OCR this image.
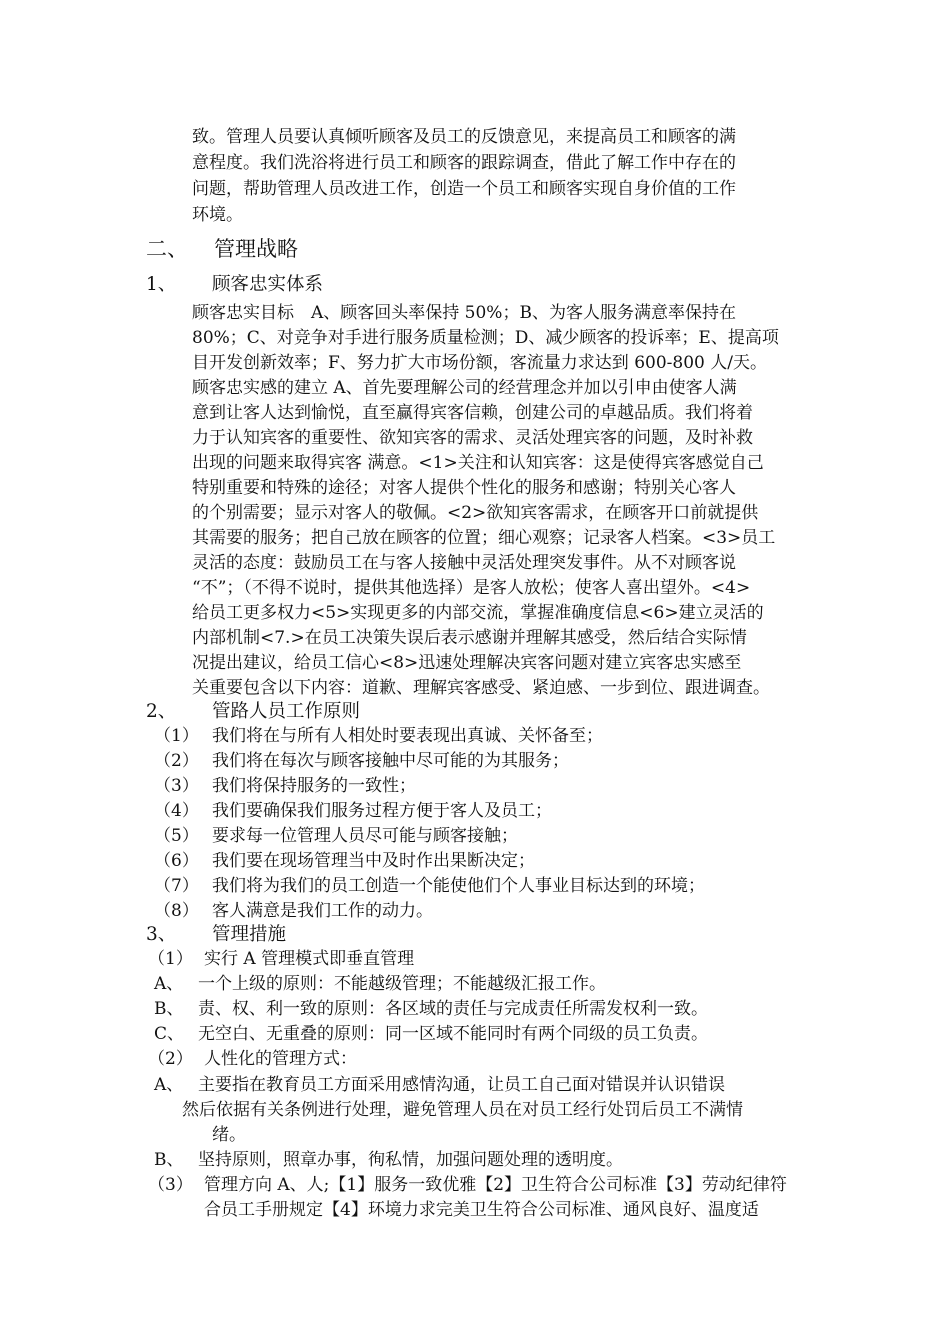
致。管理人员要认真倾听顾客及员工的反馈意见，来提高员工和顾客的满
意程度。我们洗浴将进行员工和顾客的跟踪调查，借此了解工作中存在的
问题，帮助管理人员改进工作，创造一个员工和顾客实现自身价值的工作
环境。
二、 管理战略
1、 顾客忠实体系
顾客忠实目标　A、顾客回头率保持 50%；B、为客人服务满意率保持在
80%；C、对竞争对手进行服务质量检测；D、减少顾客的投诉率；E、提高项
目开发创新效率；F、努力扩大市场份额，客流量力求达到 600-800 人/天。
顾客忠实感的建立 A、首先要理解公司的经营理念并加以引申由使客人满
意到让客人达到愉悦，直至赢得宾客信赖，创建公司的卓越品质。我们将着
力于认知宾客的重要性、欲知宾客的需求、灵活处理宾客的问题，及时补救
出现的问题来取得宾客 满意。<1>关注和认知宾客：这是使得宾客感觉自己
特别重要和特殊的途径；对客人提供个性化的服务和感谢；特别关心客人
的个别需要；显示对客人的敬佩。<2>欲知宾客需求，在顾客开口前就提供
其需要的服务；把自己放在顾客的位置；细心观察；记录客人档案。<3>员工
灵活的态度：鼓励员工在与客人接触中灵活处理突发事件。从不对顾客说
“不”；（不得不说时，提供其他选择）是客人放松；使客人喜出望外。<4>
给员工更多权力<5>实现更多的内部交流，掌握准确度信息<6>建立灵活的
内部机制<7.>在员工决策失误后表示感谢并理解其感受，然后结合实际情
况提出建议，给员工信心<8>迅速处理解决宾客问题对建立宾客忠实感至
关重要包含以下内容：道歉、理解宾客感受、紧迫感、一步到位、跟进调查。
2、 管路人员工作原则
（1） 我们将在与所有人相处时要表现出真诚、关怀备至；
（2） 我们将在每次与顾客接触中尽可能的为其服务；
（3） 我们将保持服务的一致性；
（4） 我们要确保我们服务过程方便于客人及员工；
（5） 要求每一位管理人员尽可能与顾客接触；
（6） 我们要在现场管理当中及时作出果断决定；
（7） 我们将为我们的员工创造一个能使他们个人事业目标达到的环境；
（8） 客人满意是我们工作的动力。
3、 管理措施
（1） 实行 A 管理模式即垂直管理
A、 一个上级的原则：不能越级管理；不能越级汇报工作。
B、 责、权、利一致的原则：各区域的责任与完成责任所需发权利一致。
C、 无空白、无重叠的原则：同一区域不能同时有两个同级的员工负责。
（2） 人性化的管理方式：
A、 主要指在教育员工方面采用感情沟通，让员工自己面对错误并认识错误
然后依据有关条例进行处理，避免管理人员在对员工经行处罚后员工不满情
绪。
B、 坚持原则，照章办事，徇私情，加强问题处理的透明度。
（3） 管理方向 A、人;【1】服务一致优雅【2】卫生符合公司标准【3】劳动纪律符
合员工手册规定【4】环境力求完美卫生符合公司标准、通风良好、温度适
